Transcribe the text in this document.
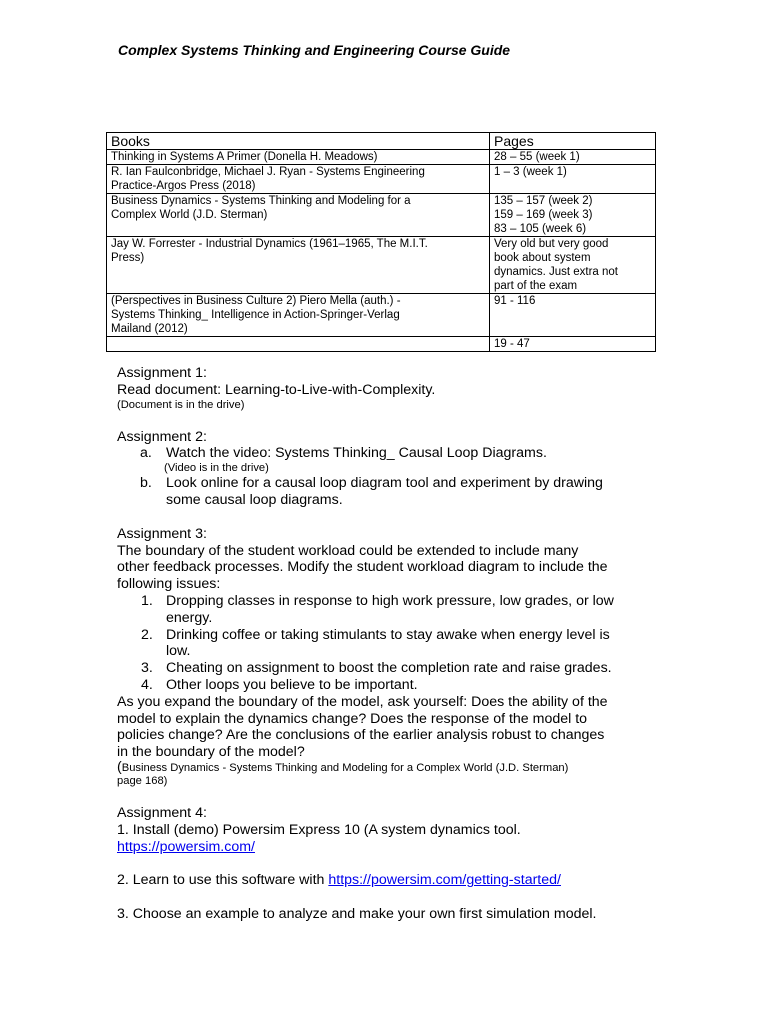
Complex Systems Thinking and Engineering Course Guide
Books	Pages

Thinking in Systems A Primer (Donella H. Meadows)	28 – 55 (week 1)

R. Ian Faulconbridge, Michael J. Ryan - Systems Engineering
Practice-Argos Press (2018)	1 – 3 (week 1)

Business Dynamics - Systems Thinking and Modeling for a
Complex World (J.D. Sterman)	135 – 157 (week 2)
159 – 169 (week 3)
83 – 105 (week 6)

Jay W. Forrester - Industrial Dynamics (1961–1965, The M.I.T.
Press)	Very old but very good
book about system
dynamics. Just extra not
part of the exam

(Perspectives in Business Culture 2) Piero Mella (auth.) -
Systems Thinking_ Intelligence in Action-Springer-Verlag
Mailand (2012)	91 - 116

	19 - 47

Assignment 1:

Read document: Learning-to-Live-with-Complexity.

(Document is in the drive)

Assignment 2:

a. Watch the video: Systems Thinking_ Causal Loop Diagrams.

(Video is in the drive)

b. Look online for a causal loop diagram tool and experiment by drawing
some causal loop diagrams.

Assignment 3:

The boundary of the student workload could be extended to include many

other feedback processes. Modify the student workload diagram to include the

following issues:

1. Dropping classes in response to high work pressure, low grades, or low
energy.
2. Drinking coffee or taking stimulants to stay awake when energy level is
low.
3. Cheating on assignment to boost the completion rate and raise grades.
4. Other loops you believe to be important.

As you expand the boundary of the model, ask yourself: Does the ability of the

model to explain the dynamics change? Does the response of the model to

policies change? Are the conclusions of the earlier analysis robust to changes

in the boundary of the model?

(Business Dynamics - Systems Thinking and Modeling for a Complex World (J.D. Sterman)
page 168)

Assignment 4:

1. Install (demo) Powersim Express 10 (A system dynamics tool.

https://powersim.com/

2. Learn to use this software with https://powersim.com/getting-started/

3. Choose an example to analyze and make your own first simulation model.
